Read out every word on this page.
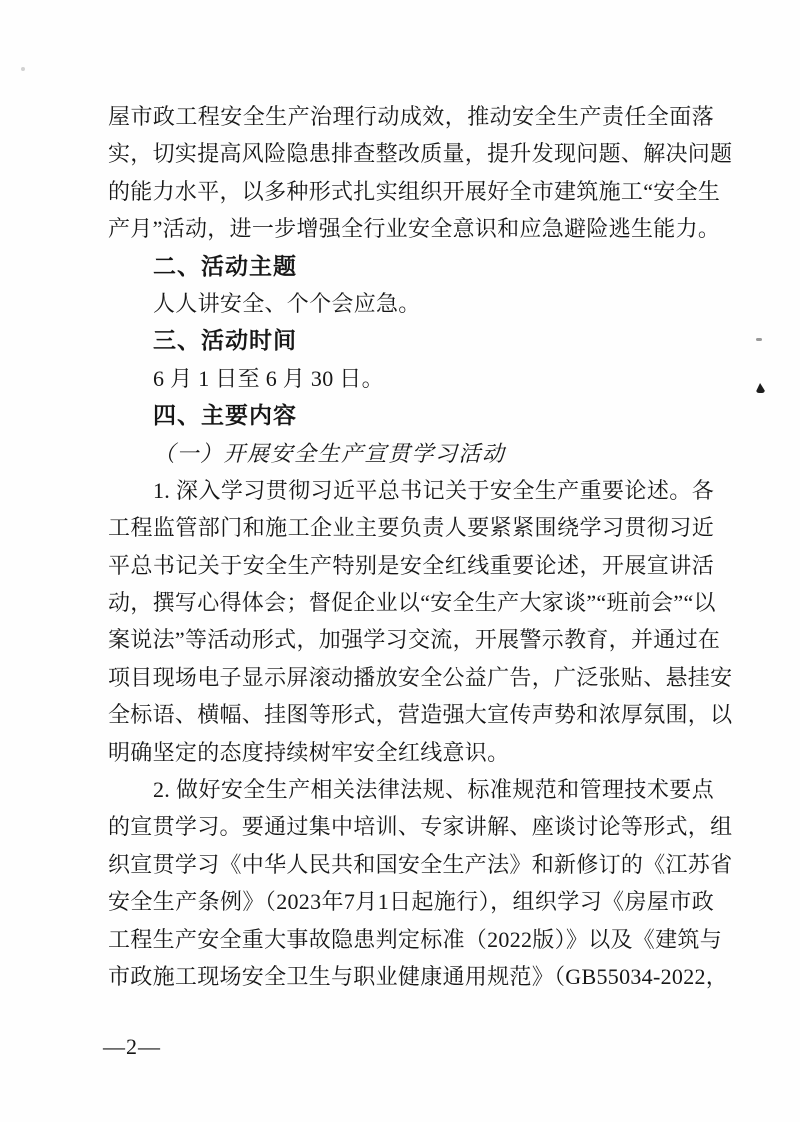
屋市政工程安全生产治理行动成效，推动安全生产责任全面落
实，切实提高风险隐患排查整改质量，提升发现问题、解决问题
的能力水平，以多种形式扎实组织开展好全市建筑施工“安全生
产月”活动，进一步增强全行业安全意识和应急避险逃生能力。
二、活动主题
人人讲安全、个个会应急。
三、活动时间
6 月 1 日至 6 月 30 日。
四、主要内容
（一）开展安全生产宣贯学习活动
1. 深入学习贯彻习近平总书记关于安全生产重要论述。各
工程监管部门和施工企业主要负责人要紧紧围绕学习贯彻习近
平总书记关于安全生产特别是安全红线重要论述，开展宣讲活
动，撰写心得体会；督促企业以“安全生产大家谈”“班前会”“以
案说法”等活动形式，加强学习交流，开展警示教育，并通过在
项目现场电子显示屏滚动播放安全公益广告，广泛张贴、悬挂安
全标语、横幅、挂图等形式，营造强大宣传声势和浓厚氛围，以
明确坚定的态度持续树牢安全红线意识。
2. 做好安全生产相关法律法规、标准规范和管理技术要点
的宣贯学习。要通过集中培训、专家讲解、座谈讨论等形式，组
织宣贯学习《中华人民共和国安全生产法》和新修订的《江苏省
安全生产条例》（2023年7月1日起施行），组织学习《房屋市政
工程生产安全重大事故隐患判定标准（2022版）》以及《建筑与
市政施工现场安全卫生与职业健康通用规范》（GB55034-2022，
—2—
